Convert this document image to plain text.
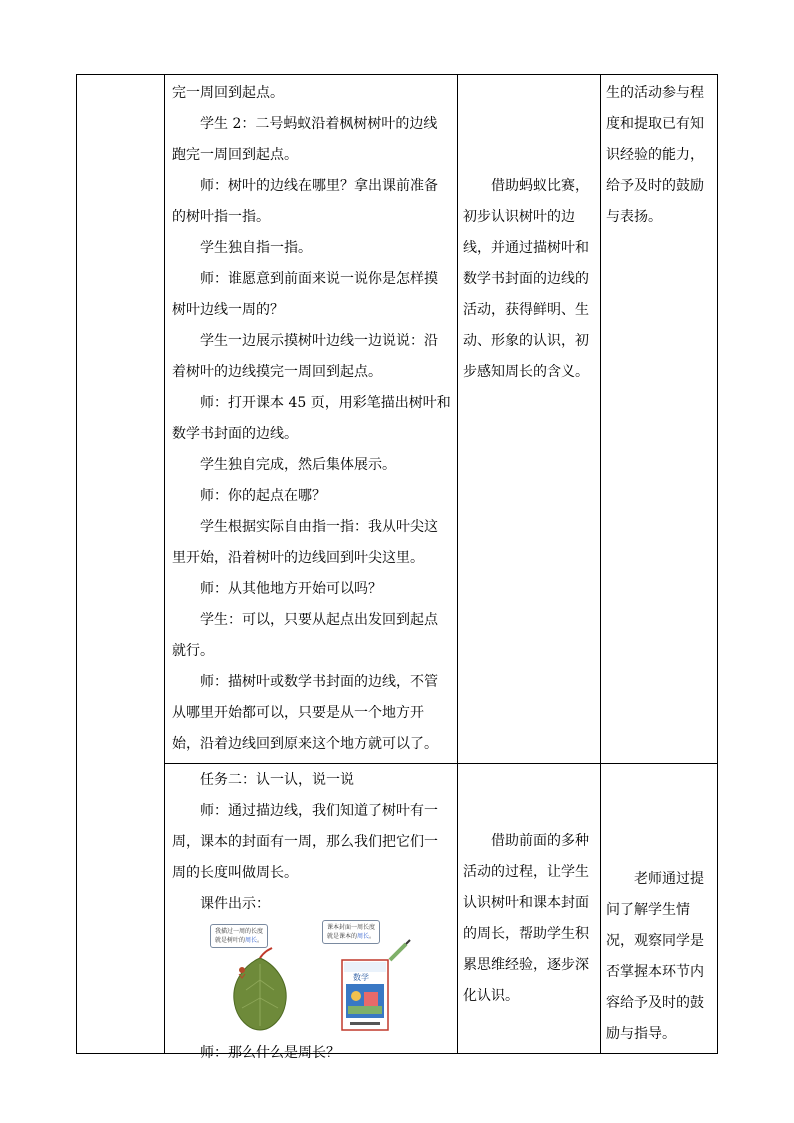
完一周回到起点。

学生 2：二号蚂蚁沿着枫树树叶的边线跑完一周回到起点。

师：树叶的边线在哪里？拿出课前准备的树叶指一指。

学生独自指一指。

师：谁愿意到前面来说一说你是怎样摸树叶边线一周的？

学生一边展示摸树叶边线一边说说：沿着树叶的边线摸完一周回到起点。

师：打开课本 45 页，用彩笔描出树叶和数学书封面的边线。

学生独自完成，然后集体展示。

师：你的起点在哪？

学生根据实际自由指一指：我从叶尖这里开始，沿着树叶的边线回到叶尖这里。

师：从其他地方开始可以吗？

学生：可以，只要从起点出发回到起点就行。

师：描树叶或数学书封面的边线，不管从哪里开始都可以，只要是从一个地方开始，沿着边线回到原来这个地方就可以了。

借助蚂蚁比赛，初步认识树叶的边线，并通过描树叶和数学书封面的边线的活动，获得鲜明、生动、形象的认识，初步感知周长的含义。

生的活动参与程度和提取已有知识经验的能力，给予及时的鼓励与表扬。

任务二：认一认，说一说

师：通过描边线，我们知道了树叶有一周，课本的封面有一周，那么我们把它们一周的长度叫做周长。

课件出示：

我描过一周的长度
就是树叶的周长。
课本封面一周长度
就是课本的周长。
数学

师：那么什么是周长？

借助前面的多种活动的过程，让学生认识树叶和课本封面的周长，帮助学生积累思维经验，逐步深化认识。

老师通过提问了解学生情况，观察同学是否掌握本环节内容给予及时的鼓励与指导。
